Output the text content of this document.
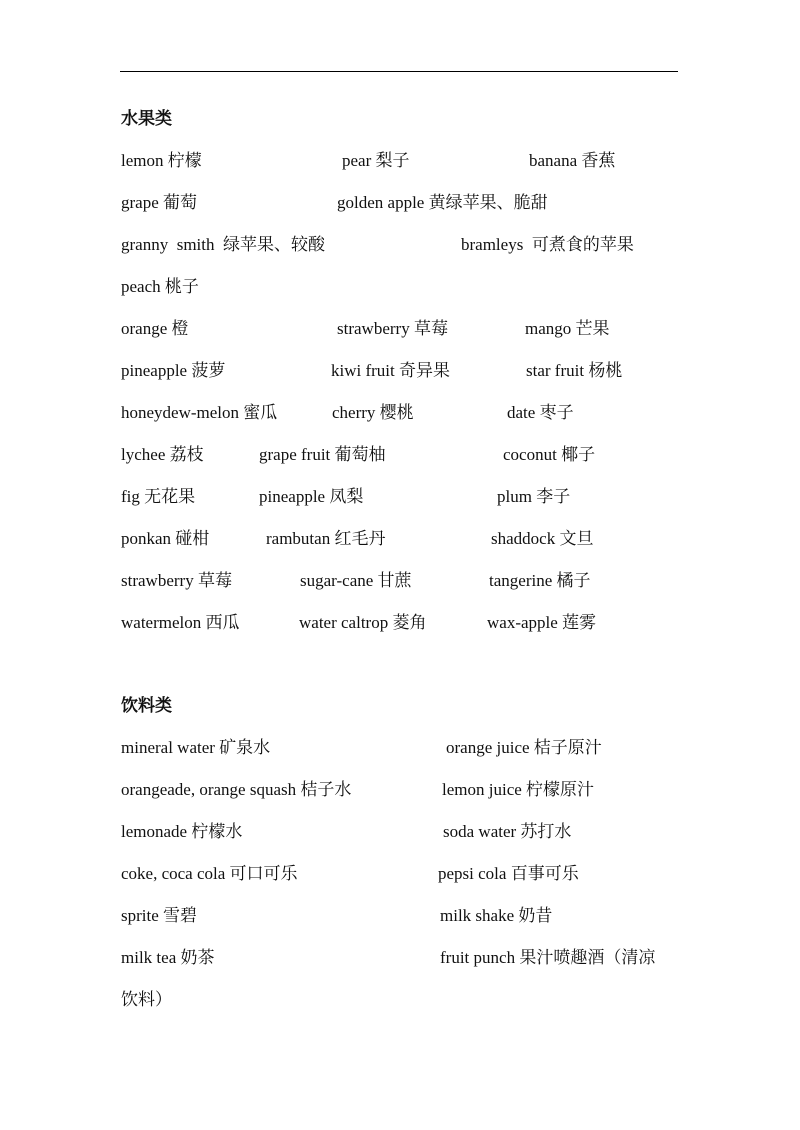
水果类
lemon 柠檬	pear 梨子	banana 香蕉
grape 葡萄	golden apple 黄绿苹果、脆甜
granny  smith  绿苹果、较酸	bramleys  可煮食的苹果
peach 桃子
orange 橙	strawberry 草莓	mango 芒果
pineapple 菠萝	kiwi fruit 奇异果	star fruit 杨桃
honeydew-melon 蜜瓜	cherry 樱桃	date 枣子
lychee 荔枝	grape fruit 葡萄柚	coconut 椰子
fig 无花果	pineapple 凤梨	plum 李子
ponkan 碰柑	rambutan 红毛丹	shaddock 文旦
strawberry 草莓	sugar-cane 甘蔗	tangerine 橘子
watermelon 西瓜	water caltrop 菱角	wax-apple 莲雾
饮料类
mineral water 矿泉水	orange juice 桔子原汁
orangeade, orange squash 桔子水	lemon juice 柠檬原汁
lemonade 柠檬水	soda water 苏打水
coke, coca cola 可口可乐	pepsi cola 百事可乐
sprite 雪碧	milk shake 奶昔
milk tea 奶茶	fruit punch 果汁喷趣酒（清凉
饮料）
